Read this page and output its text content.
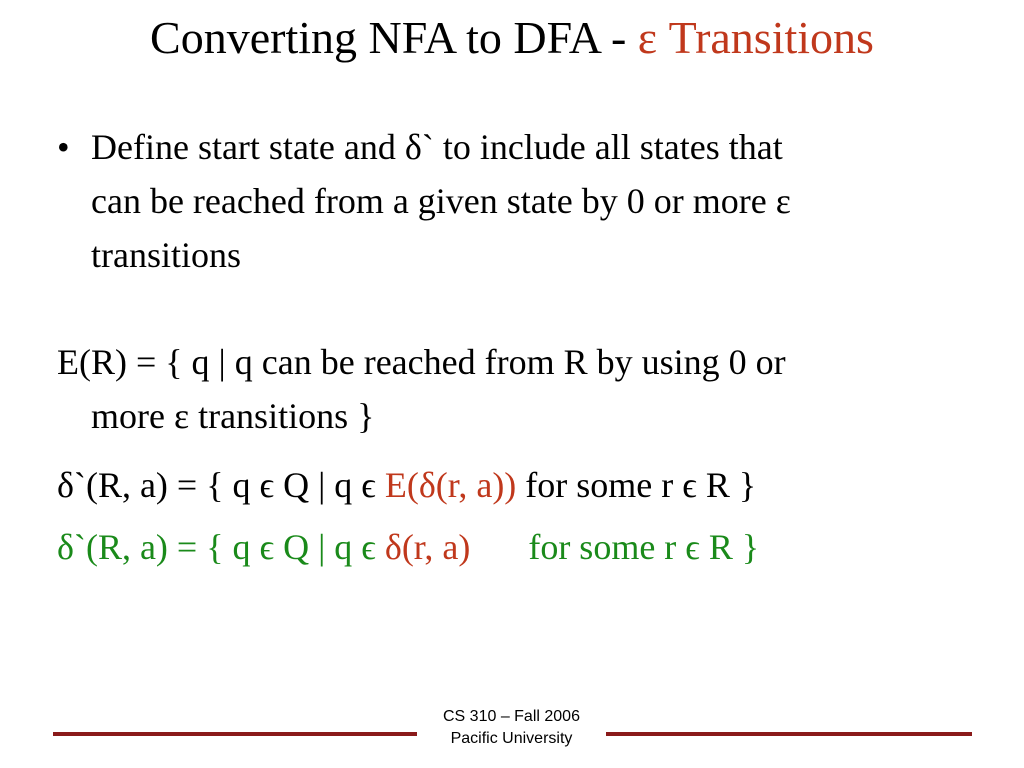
Converting NFA to DFA - ε Transitions
• Define start state and δ` to include all states that
can be reached from a given state by 0 or more ε
transitions
E(R) = { q | q can be reached from R by using 0 or
more ε transitions }
δ`(R, a) = { q ϵ Q | q ϵ E(δ(r, a)) for some r ϵ R }
δ`(R, a) = { q ϵ Q | q ϵ δ(r, a) for some r ϵ R }
CS 310 – Fall 2006
Pacific University
